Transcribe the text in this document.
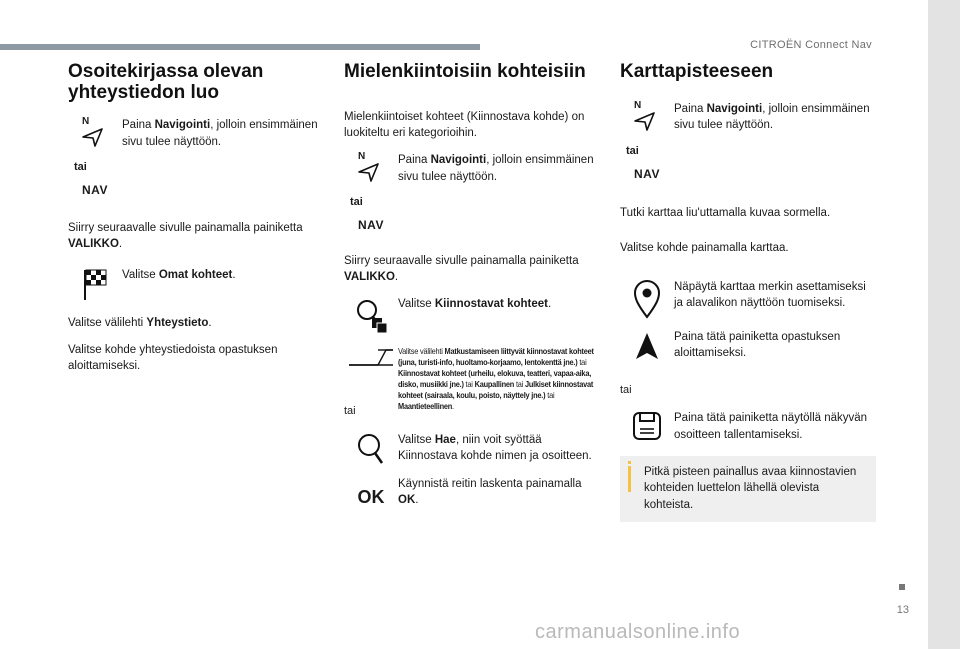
CITROËN Connect Nav
13
carmanualsonline.info
Osoitekirjassa olevan yhteystiedon luo
N	Paina Navigointi, jolloin ensimmäinen sivu tulee näyttöön.
tai
NAV

Siirry seuraavalle sivulle painamalla painiketta VALIKKO.

Valitse Omat kohteet.

Valitse välilehti Yhteystieto.

Valitse kohde yhteystiedoista opastuksen aloittamiseksi.

Mielenkiintoisiin kohteisiin

Mielenkiintoiset kohteet (Kiinnostava kohde) on luokiteltu eri kategorioihin.

N	Paina Navigointi, jolloin ensimmäinen sivu tulee näyttöön.
tai
NAV

Siirry seuraavalle sivulle painamalla painiketta VALIKKO.

Valitse Kiinnostavat kohteet.
Valitse välilehti Matkustamiseen liittyvät kiinnostavat kohteet (juna, turisti-info, huoltamo-korjaamo, lentokenttä jne.) tai Kiinnostavat kohteet (urheilu, elokuva, teatteri, vapaa-aika, disko, musiikki jne.) tai Kaupallinen tai Julkiset kiinnostavat kohteet (sairaala, koulu, poisto, näyttely jne.) tai Maantieteellinen.
tai
Valitse Hae, niin voit syöttää Kiinnostava kohde nimen ja osoitteen.
OK
Käynnistä reitin laskenta painamalla OK.
Karttapisteeseen
N	Paina Navigointi, jolloin ensimmäinen sivu tulee näyttöön.
tai
NAV

Tutki karttaa liu'uttamalla kuvaa sormella.

Valitse kohde painamalla karttaa.

Näpäytä karttaa merkin asettamiseksi ja alavalikon näyttöön tuomiseksi.
Paina tätä painiketta opastuksen aloittamiseksi.
tai
Paina tätä painiketta näytöllä näkyvän osoitteen tallentamiseksi.
Pitkä pisteen painallus avaa kiinnostavien kohteiden luettelon lähellä olevista kohteista.
